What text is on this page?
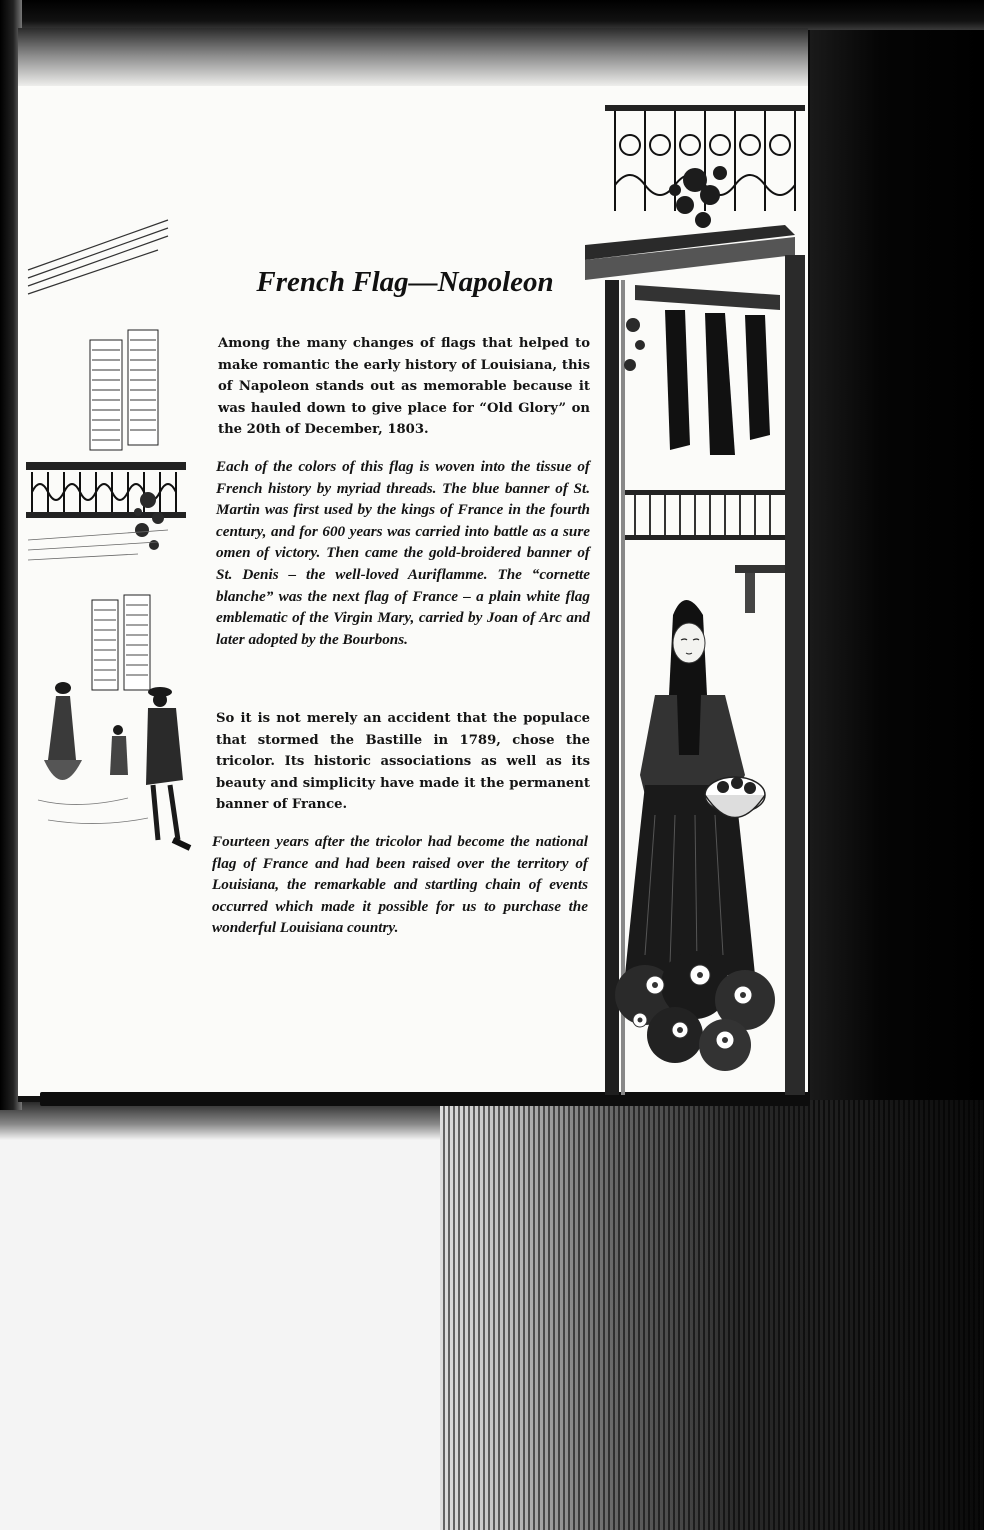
French Flag—Napoleon

Among the many changes of flags that helped to make romantic the early history of Louisiana, this of Napoleon stands out as memorable because it was hauled down to give place for “Old Glory” on the 20th of December, 1803.

Each of the colors of this flag is woven into the tissue of French history by myriad threads. The blue banner of St. Martin was first used by the kings of France in the fourth century, and for 600 years was carried into battle as a sure omen of victory. Then came the gold-broidered banner of St. Denis – the well-loved Auriflamme. The “cornette blanche” was the next flag of France – a plain white flag emblematic of the Virgin Mary, carried by Joan of Arc and later adopted by the Bourbons.

So it is not merely an accident that the populace that stormed the Bastille in 1789, chose the tricolor. Its historic associations as well as its beauty and simplicity have made it the permanent banner of France.

Fourteen years after the tricolor had become the national flag of France and had been raised over the territory of Louisiana, the remarkable and startling chain of events occurred which made it possible for us to purchase the wonderful Louisiana country.
